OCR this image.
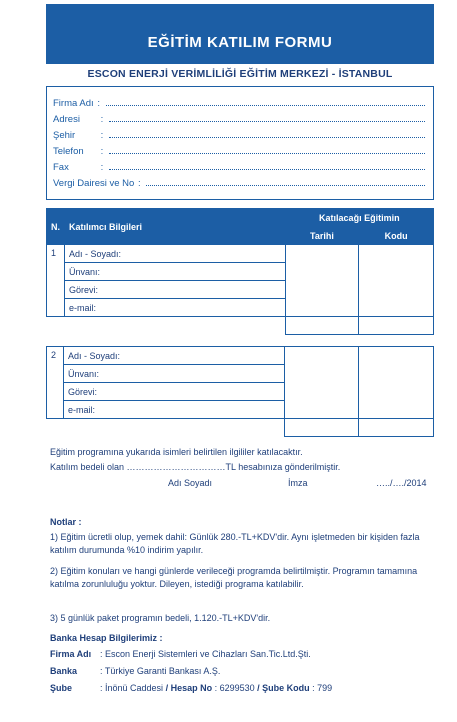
EĞİTİM KATILIM FORMU
ESCON ENERJİ VERİMLİLİĞİ EĞİTİM MERKEZİ - İSTANBUL
Firma Adı :
Adresi	:
Şehir	:
Telefon	:
Fax	:
Vergi Dairesi ve No :
N.	Katılımcı Bilgileri	Katılacağı Eğitimin	
		Tarihi	Kodu
1	Adı - Soyadı:		
	Ünvanı:		
	Görevi:		
	e-mail:		

2	Adı - Soyadı:		
	Ünvanı:		
	Görevi:		
	e-mail:		

Eğitim programına yukarıda isimleri belirtilen ilgililer katılacaktır.
Katılım bedeli olan ……………………………TL hesabınıza gönderilmiştir.
Adı Soyadı	İmza	…../…./2014
Notlar :
1) Eğitim ücretli olup, yemek dahil: Günlük 280.-TL+KDV'dir. Aynı işletmeden bir kişiden fazla katılım durumunda %10 indirim yapılır.
2) Eğitim konuları ve hangi günlerde verileceği programda belirtilmiştir. Programın tamamına katılma zorunluluğu yoktur. Dileyen, istediği programa katılabilir.
3) 5 günlük paket programın bedeli, 1.120.-TL+KDV'dir.
Banka Hesap Bilgilerimiz :
Firma Adı : Escon Enerji Sistemleri ve Cihazları San.Tic.Ltd.Şti.
Banka	: Türkiye Garanti Bankası A.Ş.
Şube	: İnönü Caddesi / Hesap No : 6299530 / Şube Kodu : 799
